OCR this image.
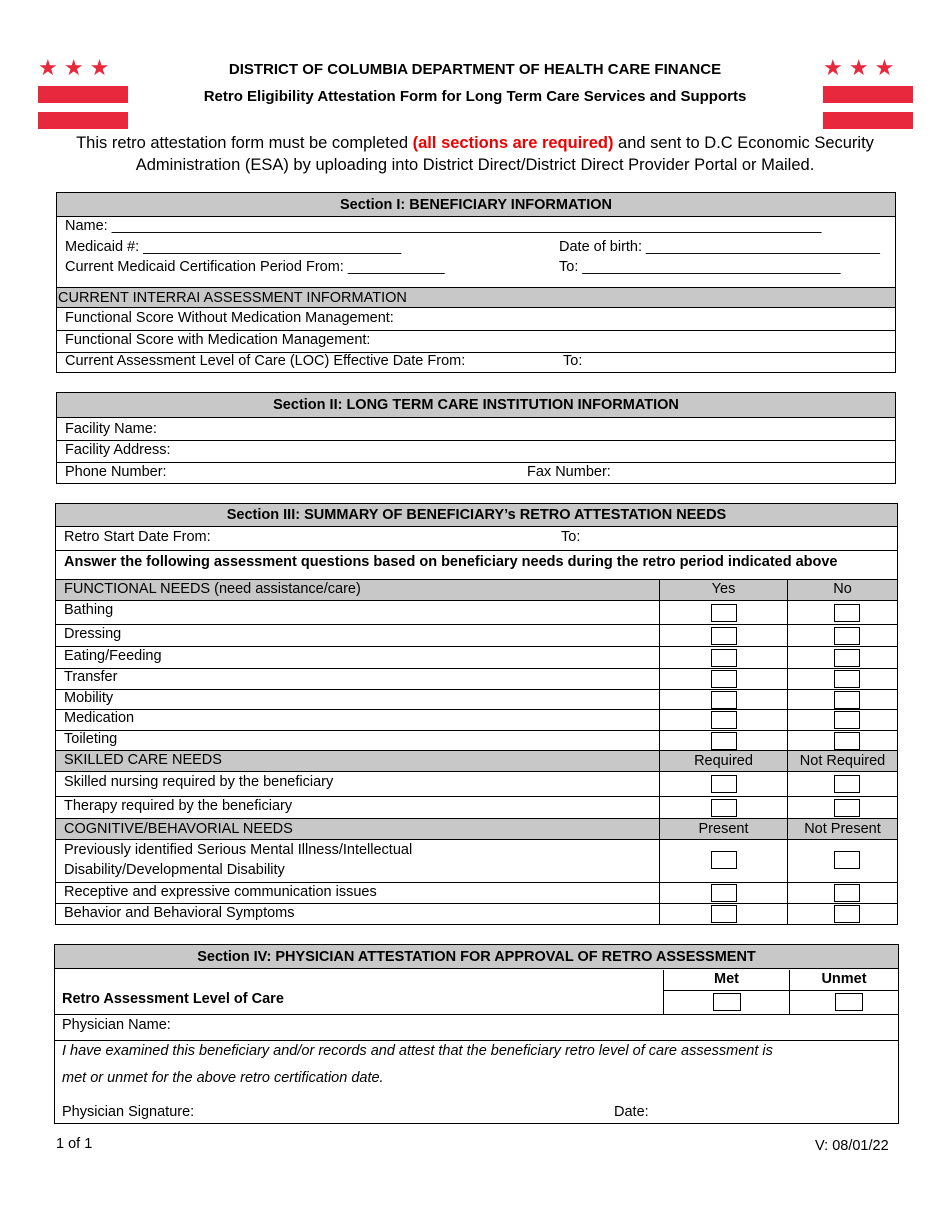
★ ★ ★	★ ★ ★
DISTRICT OF COLUMBIA DEPARTMENT OF HEALTH CARE FINANCE
Retro Eligibility Attestation Form for Long Term Care Services and Supports
This retro attestation form must be completed (all sections are required) and sent to D.C Economic Security Administration (ESA) by uploading into District Direct/District Direct Provider Portal or Mailed.
Section I: BENEFICIARY INFORMATION
Name: ________________________________________________________________________________________
Medicaid #: ________________________________	Date of birth: _____________________________
Current Medicaid Certification Period From: ____________	To: ________________________________
CURRENT INTERRAI ASSESSMENT INFORMATION
Functional Score Without Medication Management:
Functional Score with Medication Management:
Current Assessment Level of Care (LOC) Effective Date From:	To:
Section II: LONG TERM CARE INSTITUTION INFORMATION
Facility Name:
Facility Address:
Phone Number:	Fax Number:
Section III: SUMMARY OF BENEFICIARY’s RETRO ATTESTATION NEEDS
Retro Start Date From:	To:
Answer the following assessment questions based on beneficiary needs during the retro period indicated above
FUNCTIONAL NEEDS (need assistance/care)	Yes	No
Bathing
Dressing
Eating/Feeding
Transfer
Mobility
Medication
Toileting
SKILLED CARE NEEDS	Required	Not Required
Skilled nursing required by the beneficiary
Therapy required by the beneficiary
COGNITIVE/BEHAVORIAL NEEDS	Present	Not Present
Previously identified Serious Mental Illness/Intellectual
Disability/Developmental Disability
Receptive and expressive communication issues
Behavior and Behavioral Symptoms
Section IV: PHYSICIAN ATTESTATION FOR APPROVAL OF RETRO ASSESSMENT
Met	Unmet
Retro Assessment Level of Care
Physician Name:
I have examined this beneficiary and/or records and attest that the beneficiary retro level of care assessment is
met or unmet for the above retro certification date.
Physician Signature:	Date:
1 of 1	V: 08/01/22
